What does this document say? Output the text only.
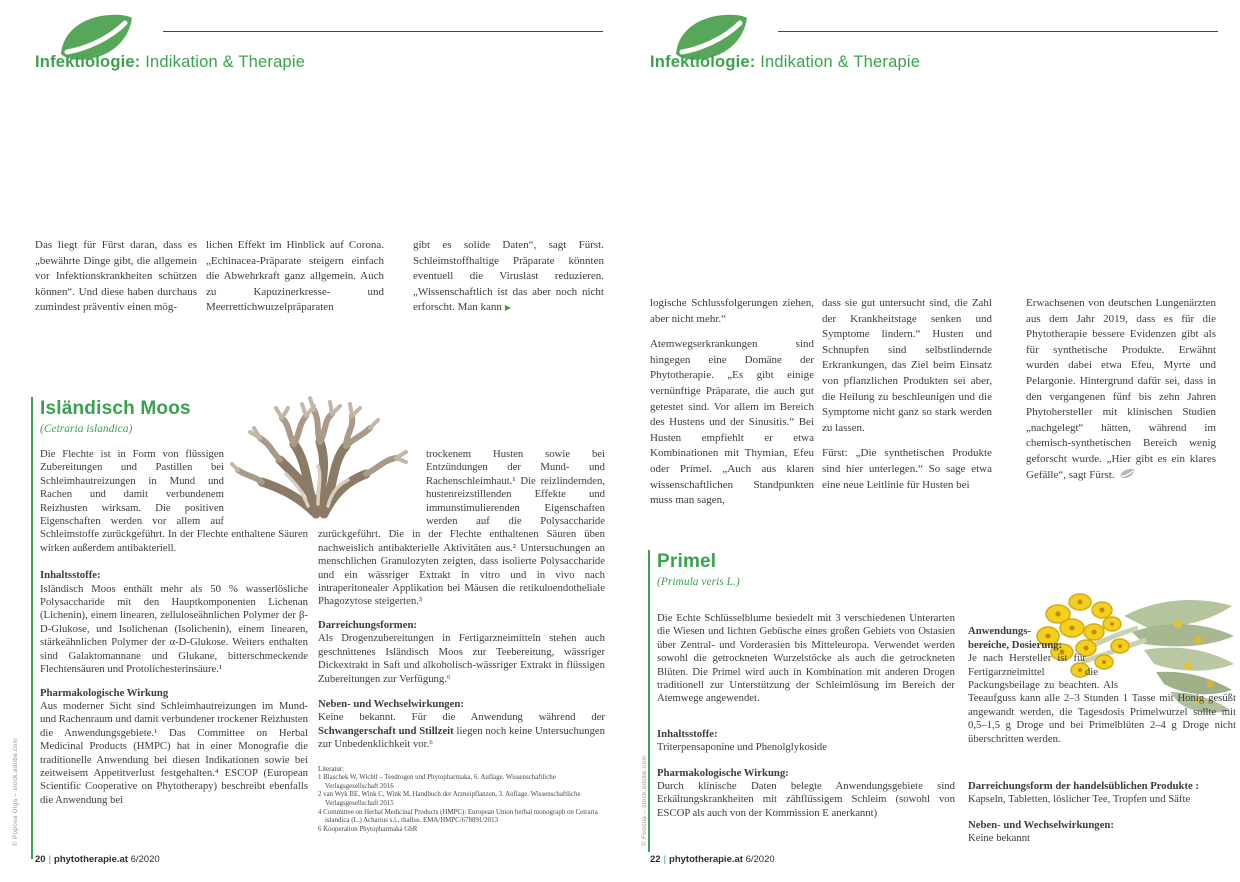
Infektiologie: Indikation & Therapie
Das liegt für Fürst daran, dass es „bewährte Dinge gibt, die allgemein vor Infektionskrankheiten schützen können“. Und diese haben durchaus zumindest präventiv einen mög-
lichen Effekt im Hinblick auf Corona. „Echinacea-Präparate steigern einfach die Abwehrkraft ganz allgemein. Auch zu Kapuzinerkresse- und Meerrettichwurzelpräparaten
gibt es solide Daten“, sagt Fürst. Schleimstoffhaltige Präparate könnten eventuell die Viruslast reduzieren. „Wissenschaftlich ist das aber noch nicht erforscht. Man kann ▶
Isländisch Moos
(Cetraria islandica)
Die Flechte ist in Form von flüssigen Zubereitungen und Pastillen bei Schleimhautreizungen in Mund und Rachen und damit verbundenem Reizhusten wirksam. Die positiven Eigenschaften werden vor allem auf Schleimstoffe zurückgeführt. In der Flechte enthaltene Säuren wirken außerdem antibakteriell.
Inhaltsstoffe:
Isländisch Moos enthält mehr als 50 % wasserlösliche Polysaccharide mit den Hauptkomponenten Lichenan (Lichenin), einem linearen, zelluloseähnlichen Polymer der β-D-Glukose, und Isolichenan (Isolichenin), einem linearen, stärkeähnlichen Polymer der α-D-Glukose. Weiters enthalten sind Galaktomannane und Glukane, bitterschmeckende Flechtensäuren und Protolichesterinsäure.¹
Pharmakologische Wirkung
Aus moderner Sicht sind Schleimhautreizungen im Mund- und Rachenraum und damit verbundener trockener Reizhusten die Anwendungsgebiete.¹ Das Committee on Herbal Medicinal Products (HMPC) hat in einer Monografie die traditionelle Anwendung bei diesen Indikationen sowie bei zeitweisem Appetitverlust festgehalten.⁴ ESCOP (European Scientific Cooperative on Phytotherapy) beschreibt ebenfalls die Anwendung bei
trockenem Husten sowie bei Entzündungen der Mund- und Rachenschleimhaut.¹ Die reizlindernden, hustenreizstillenden Effekte und immunstimulierenden Eigenschaften werden auf die Polysaccharide zurückgeführt. Die in der Flechte enthaltenen Säuren üben nachweislich antibakterielle Aktivitäten aus.² Untersuchungen an menschlichen Granulozyten zeigten, dass isolierte Polysaccharide und ein wässriger Extrakt in vitro und in vivo nach intraperitonealer Applikation bei Mäusen die retikuloendotheliale Phagozytose steigerten.³
Darreichungsformen:
Als Drogenzubereitungen in Fertigarzneimitteln stehen auch geschnittenes Isländisch Moos zur Teebereitung, wässriger Dickextrakt in Saft und alkoholisch-wässriger Extrakt in flüssigen Zubereitungen zur Verfügung.⁶
Neben- und Wechselwirkungen:
Keine bekannt. Für die Anwendung während der Schwangerschaft und Stillzeit liegen noch keine Untersuchungen zur Unbedenklichkeit vor.⁶
Literatur:
1 Blaschek W, Wichtl – Teedrogen und Phytopharmaka, 6. Auflage. Wissenschaftliche Verlagsgesellschaft 2016
2 van Wyk BE, Wink C, Wink M, Handbuch der Arzneipflanzen, 3. Auflage. Wissenschaftliche Verlagsgesellschaft 2015
4 Committee on Herbal Medicinal Products (HMPC): European Union herbal monograph on Cetraria islandica (L.) Acharius s.l., thallus. EMA/HMPC/678891/2013
6 Kooperation Phytopharmaka GbR
© Popova Olga – stock.adobe.com
20 | phytotherapie.at 6/2020
Infektiologie: Indikation & Therapie
logische Schlussfolgerungen ziehen, aber nicht mehr.“
Atemwegserkrankungen sind hingegen eine Domäne der Phytotherapie. „Es gibt einige vernünftige Präparate, die auch gut getestet sind. Vor allem im Bereich des Hustens und der Sinusitis.“ Bei Husten empfiehlt er etwa Kombinationen mit Thymian, Efeu oder Primel. „Auch aus klaren wissenschaftlichen Standpunkten muss man sagen,
dass sie gut untersucht sind, die Zahl der Krankheitstage senken und Symptome lindern.“ Husten und Schnupfen sind selbstlindernde Erkrankungen, das Ziel beim Einsatz von pflanzlichen Produkten sei aber, die Heilung zu beschleunigen und die Symptome nicht ganz so stark werden zu lassen.
Fürst: „Die synthetischen Produkte sind hier unterlegen.“ So sage etwa eine neue Leitlinie für Husten bei
Erwachsenen von deutschen Lungenärzten aus dem Jahr 2019, dass es für die Phytotherapie bessere Evidenzen gibt als für synthetische Produkte. Erwähnt wurden dabei etwa Efeu, Myrte und Pelargonie. Hintergrund dafür sei, dass in den vergangenen fünf bis zehn Jahren Phytohersteller mit klinischen Studien „nachgelegt“ hätten, während im chemisch-synthetischen Bereich wenig geforscht wurde. „Hier gibt es ein klares Gefälle“, sagt Fürst.
Primel
(Primula veris L.)
Die Echte Schlüsselblume besiedelt mit 3 verschiedenen Unterarten die Wiesen und lichten Gebüsche eines großen Gebiets von Ostasien über Zentral- und Vorderasien bis Mitteleuropa. Verwendet werden sowohl die getrockneten Wurzelstöcke als auch die getrockneten Blüten. Die Primel wird auch in Kombination mit anderen Drogen traditionell zur Unterstützung der Schleimlösung im Bereich der Atemwege angewendet.
Inhaltsstoffe:
Triterpensaponine und Phenolglykoside
Pharmakologische Wirkung:
Durch klinische Daten belegte Anwendungsgebiete sind Erkältungskrankheiten mit zähflüssigem Schleim (sowohl von ESCOP als auch von der Kommission E anerkannt)
Anwendungsbereiche, Dosierung:
Je nach Hersteller ist für Fertigarzneimittel die Packungsbeilage zu beachten. Als Teeaufguss kann alle 2–3 Stunden 1 Tasse mit Honig gesüßt angewandt werden, die Tagesdosis Primelwurzel sollte mit 0,5–1,5 g Droge und bei Primelblüten 2–4 g Droge nicht überschritten werden.
Darreichungsform der handelsüblichen Produkte :
Kapseln, Tabletten, löslicher Tee, Tropfen und Säfte
Neben- und Wechselwirkungen:
Keine bekannt
© Fooolia – stock.adobe.com
22 | phytotherapie.at 6/2020
